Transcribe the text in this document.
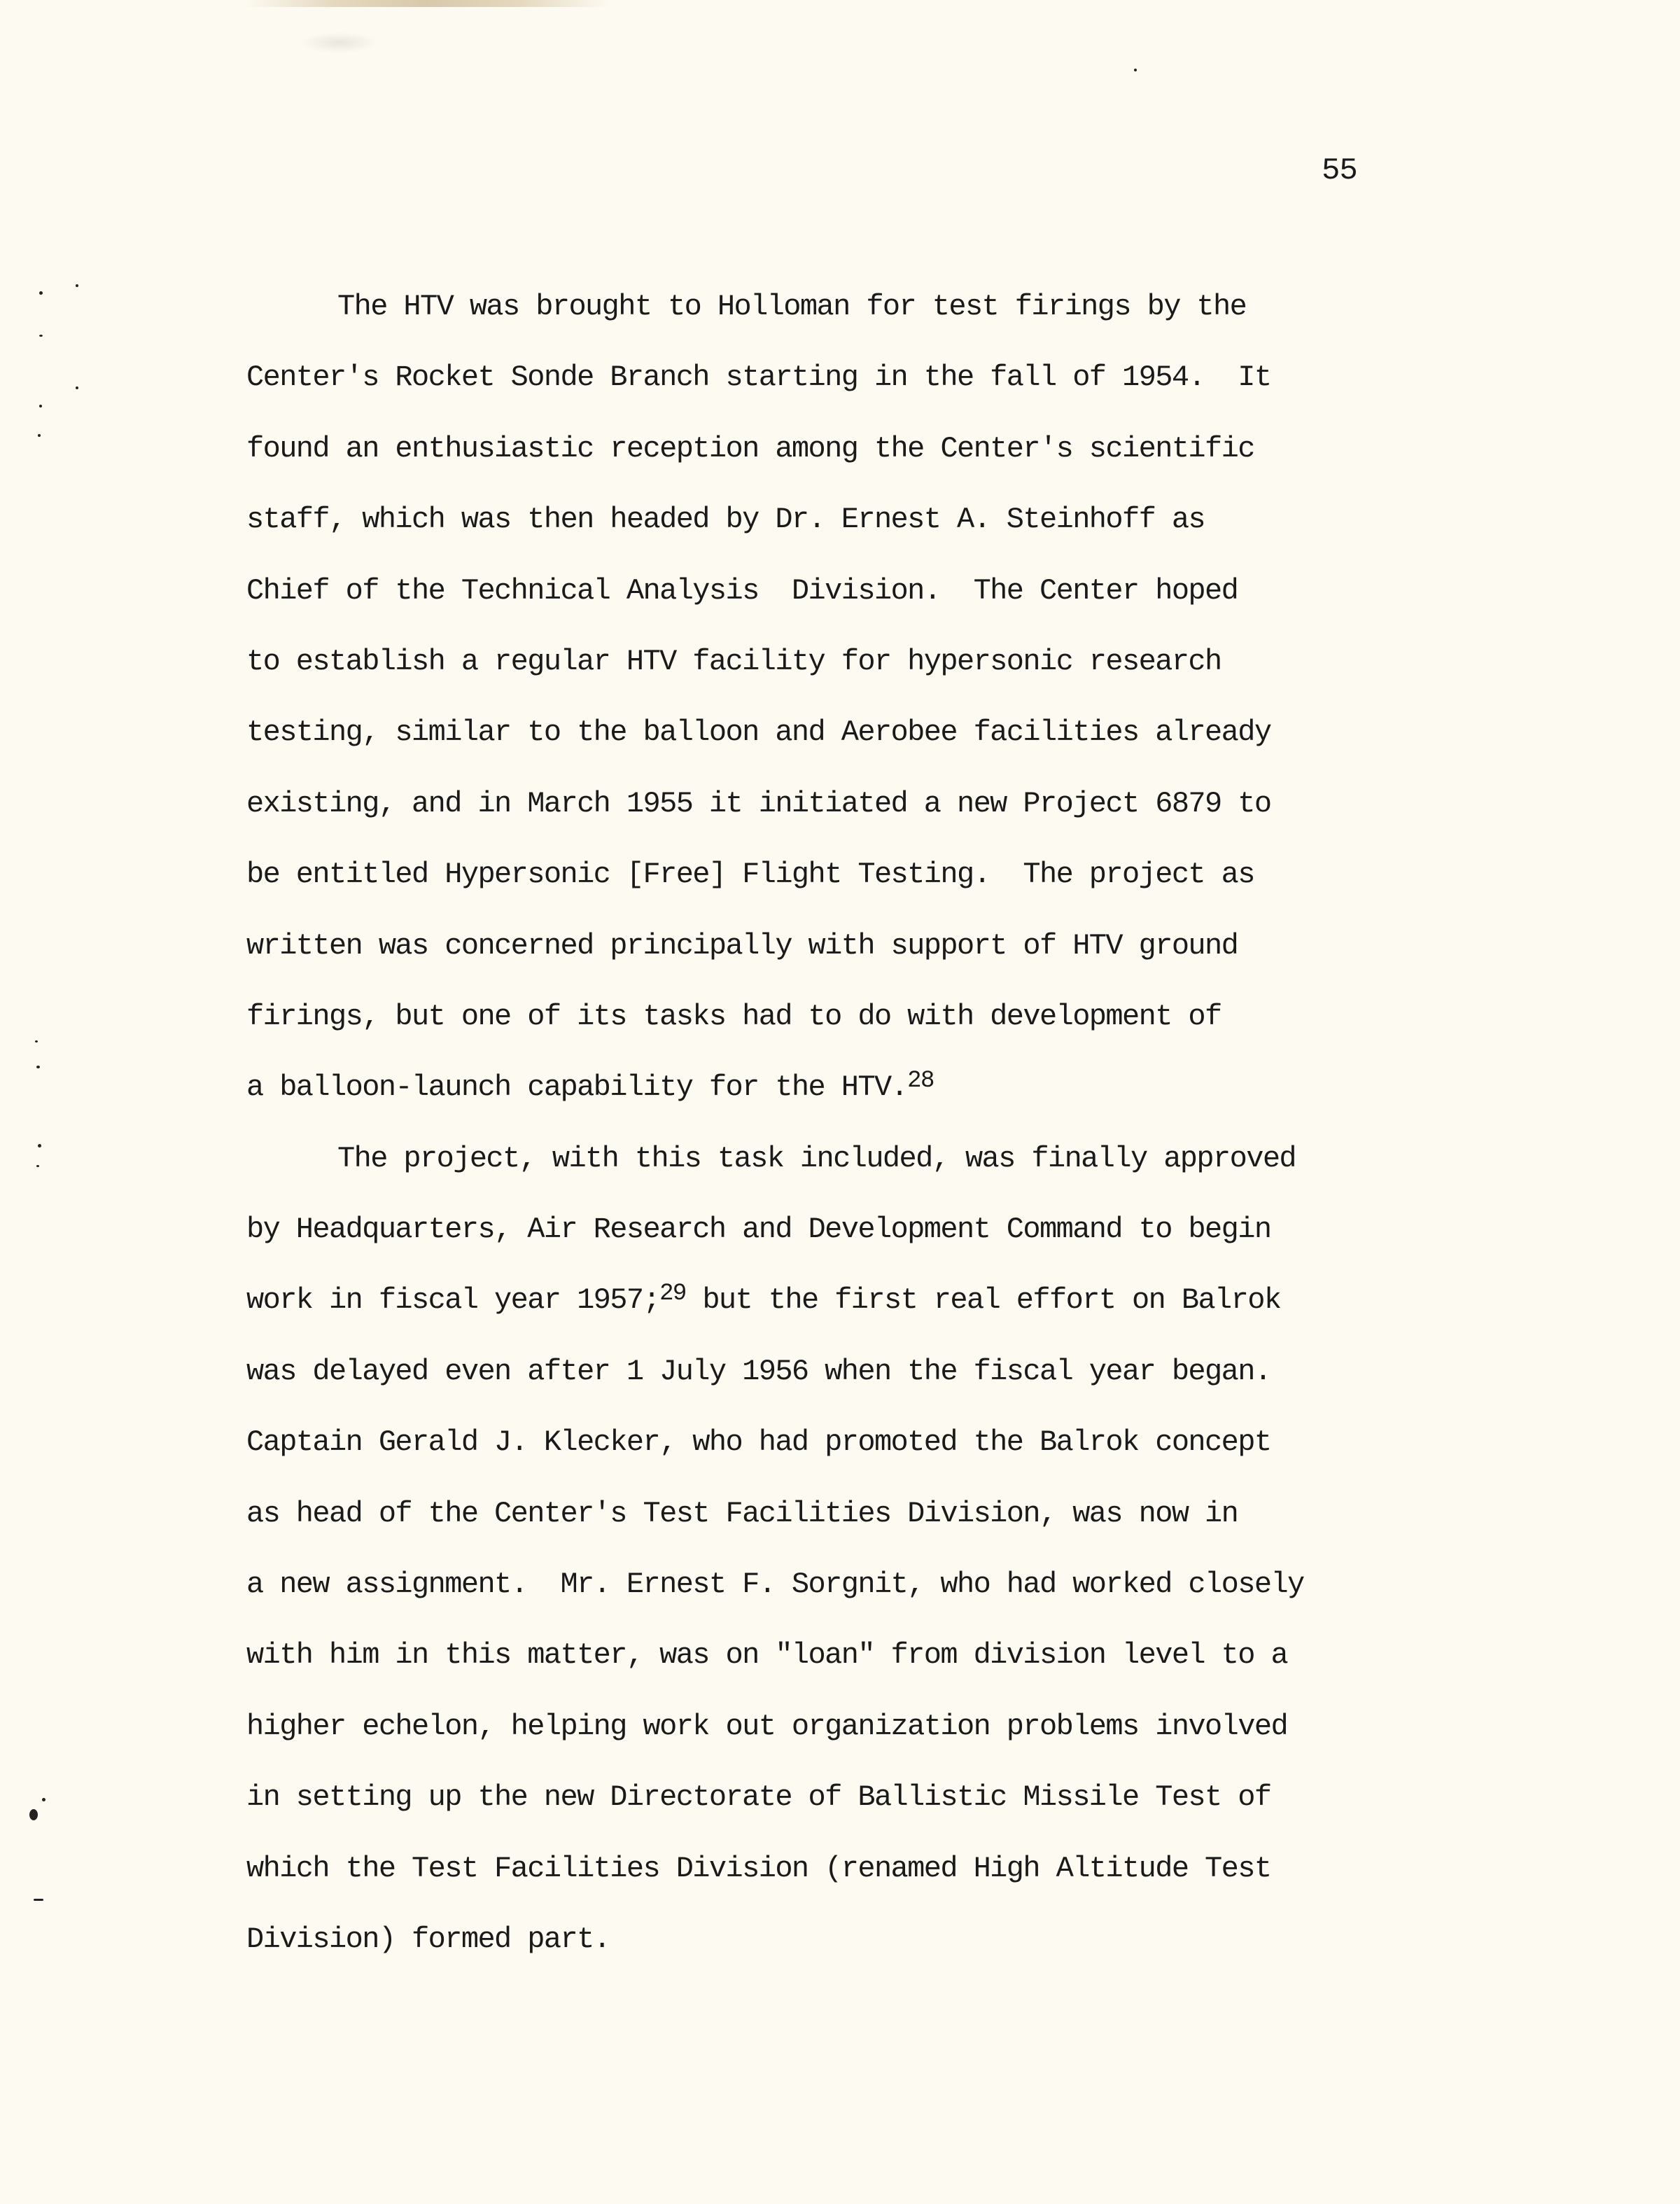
55
The HTV was brought to Holloman for test firings by the
Center's Rocket Sonde Branch starting in the fall of 1954.  It
found an enthusiastic reception among the Center's scientific
staff, which was then headed by Dr. Ernest A. Steinhoff as
Chief of the Technical Analysis  Division.  The Center hoped
to establish a regular HTV facility for hypersonic research
testing, similar to the balloon and Aerobee facilities already
existing, and in March 1955 it initiated a new Project 6879 to
be entitled Hypersonic [Free] Flight Testing.  The project as
written was concerned principally with support of HTV ground
firings, but one of its tasks had to do with development of
a balloon-launch capability for the HTV.$^{28}$
The project, with this task included, was finally approved
by Headquarters, Air Research and Development Command to begin
work in fiscal year 1957;$^{29}$ but the first real effort on Balrok
was delayed even after 1 July 1956 when the fiscal year began.
Captain Gerald J. Klecker, who had promoted the Balrok concept
as head of the Center's Test Facilities Division, was now in
a new assignment.  Mr. Ernest F. Sorgnit, who had worked closely
with him in this matter, was on "loan" from division level to a
higher echelon, helping work out organization problems involved
in setting up the new Directorate of Ballistic Missile Test of
which the Test Facilities Division (renamed High Altitude Test
Division) formed part.
